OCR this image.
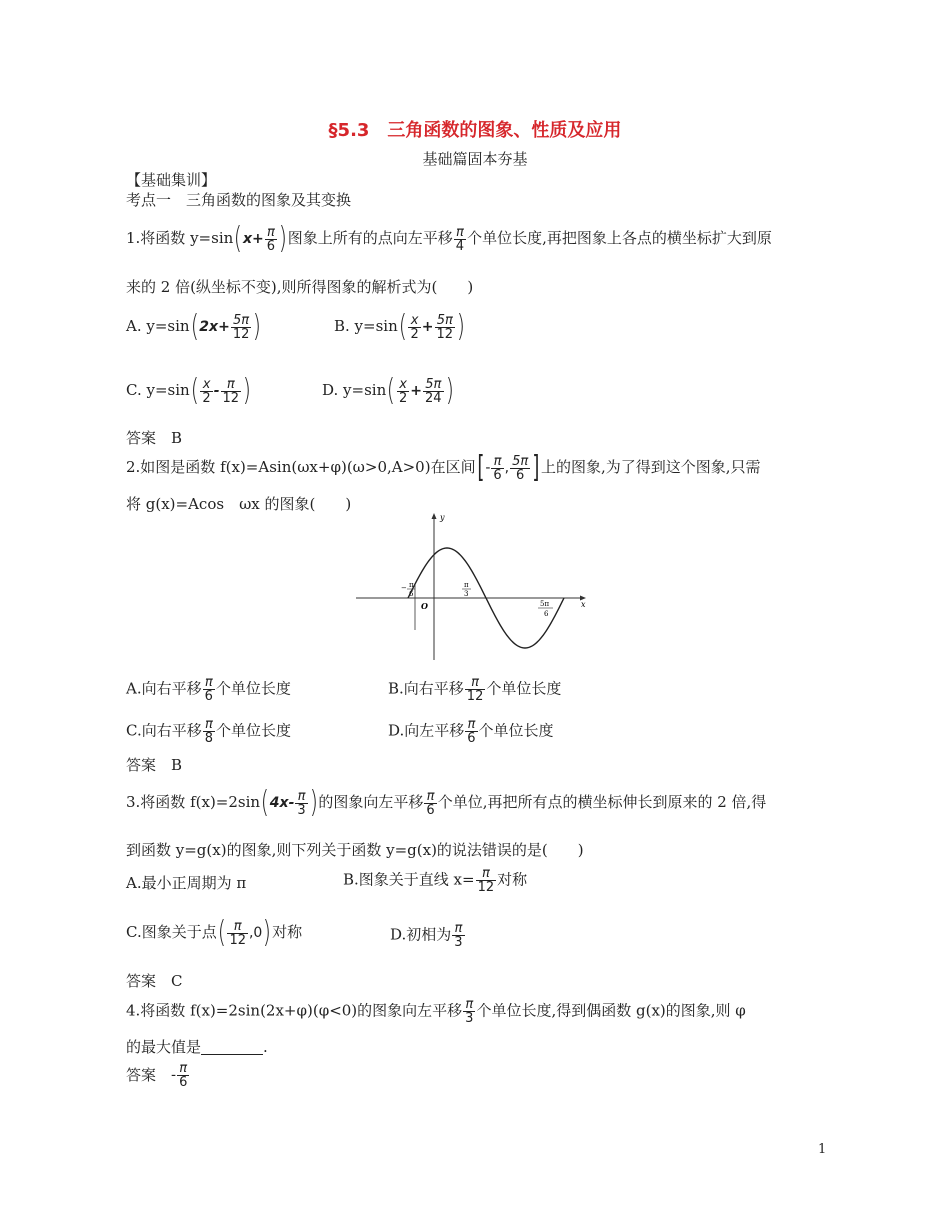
§5.3　三角函数的图象、性质及应用
基础篇固本夯基
【基础集训】
考点一　三角函数的图象及其变换
1.将函数 $y=\sin(x+ \frac{\pi}{6}$ )图象上所有的点向左平移 $\frac{\pi}{4}$ 个单位长度,再把图象上各点的横坐标扩大到原
来的 2 倍(纵坐标不变),则所得图象的解析式为(　　)
A. $y=\sin(2x+ \frac{5\pi}{12}$ )	B. $y=\sin( \frac{x}{2} + \frac{5\pi}{12}$ )
C. $y=\sin( \frac{x}{2} - \frac{\pi}{12}$ )	D. $y=\sin( \frac{x}{2} + \frac{5\pi}{24}$ )
答案　B
2.如图是函数 f(x)=Asin(ωx+φ)(ω>0,A>0)在区间[- $\frac{\pi}{6}$ , $\frac{5\pi}{6}$ ]上的图象,为了得到这个图象,只需
将 g(x)=Acos　ωx 的图象(　　)
y
x
O
− π
6
π
3
5π
6
A.向右平移 $\frac{\pi}{6}$ 个单位长度	B.向右平移 $\frac{\pi}{12}$ 个单位长度
C.向右平移 $\frac{\pi}{8}$ 个单位长度	D.向左平移 $\frac{\pi}{6}$ 个单位长度
答案　B
3.将函数 $f(x)=2\sin(4x- \frac{\pi}{3}$ )的图象向左平移 $\frac{\pi}{6}$ 个单位,再把所有点的横坐标伸长到原来的 2 倍,得
到函数 y=g(x)的图象,则下列关于函数 y=g(x)的说法错误的是(　　)
A.最小正周期为 π	B.图象关于直线 $x= \frac{\pi}{12}$ 对称
C.图象关于点( $\frac{\pi}{12} ,0$)对称	D.初相为 $\frac{\pi}{3}$
答案　C
4.将函数 f(x)=2sin(2x+φ)(φ<0)的图象向左平移 $\frac{\pi}{3}$ 个单位长度,得到偶函数 g(x)的图象,则 φ
的最大值是	.
答案　- $\frac{\pi}{6}$
1
